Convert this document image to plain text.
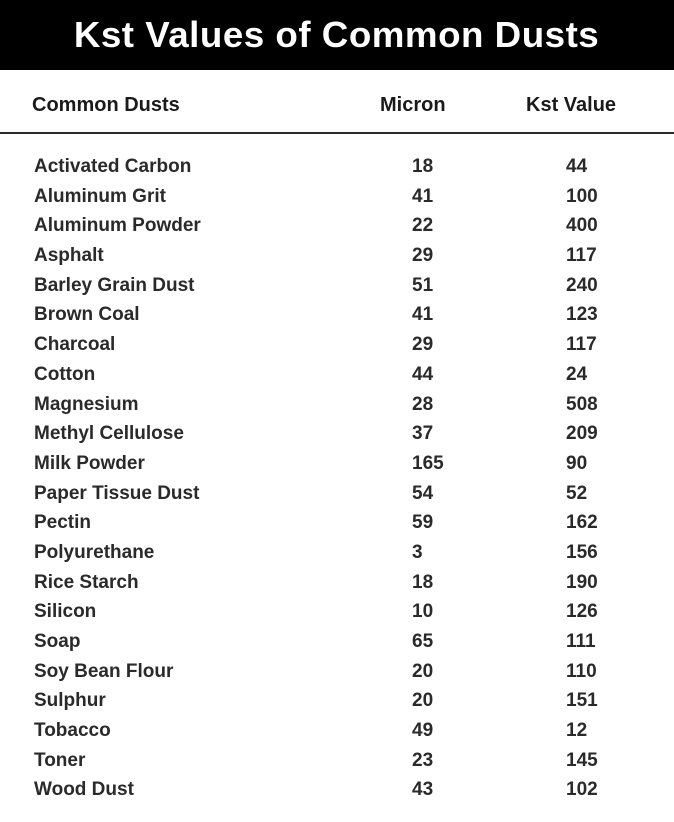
Kst Values of Common Dusts
Common Dusts	Micron	Kst Value
Activated Carbon	18	44
Aluminum Grit	41	100
Aluminum Powder	22	400
Asphalt	29	117
Barley Grain Dust	51	240
Brown Coal	41	123
Charcoal	29	117
Cotton	44	24
Magnesium	28	508
Methyl Cellulose	37	209
Milk Powder	165	90
Paper Tissue Dust	54	52
Pectin	59	162
Polyurethane	3	156
Rice Starch	18	190
Silicon	10	126
Soap	65	111
Soy Bean Flour	20	110
Sulphur	20	151
Tobacco	49	12
Toner	23	145
Wood Dust	43	102
